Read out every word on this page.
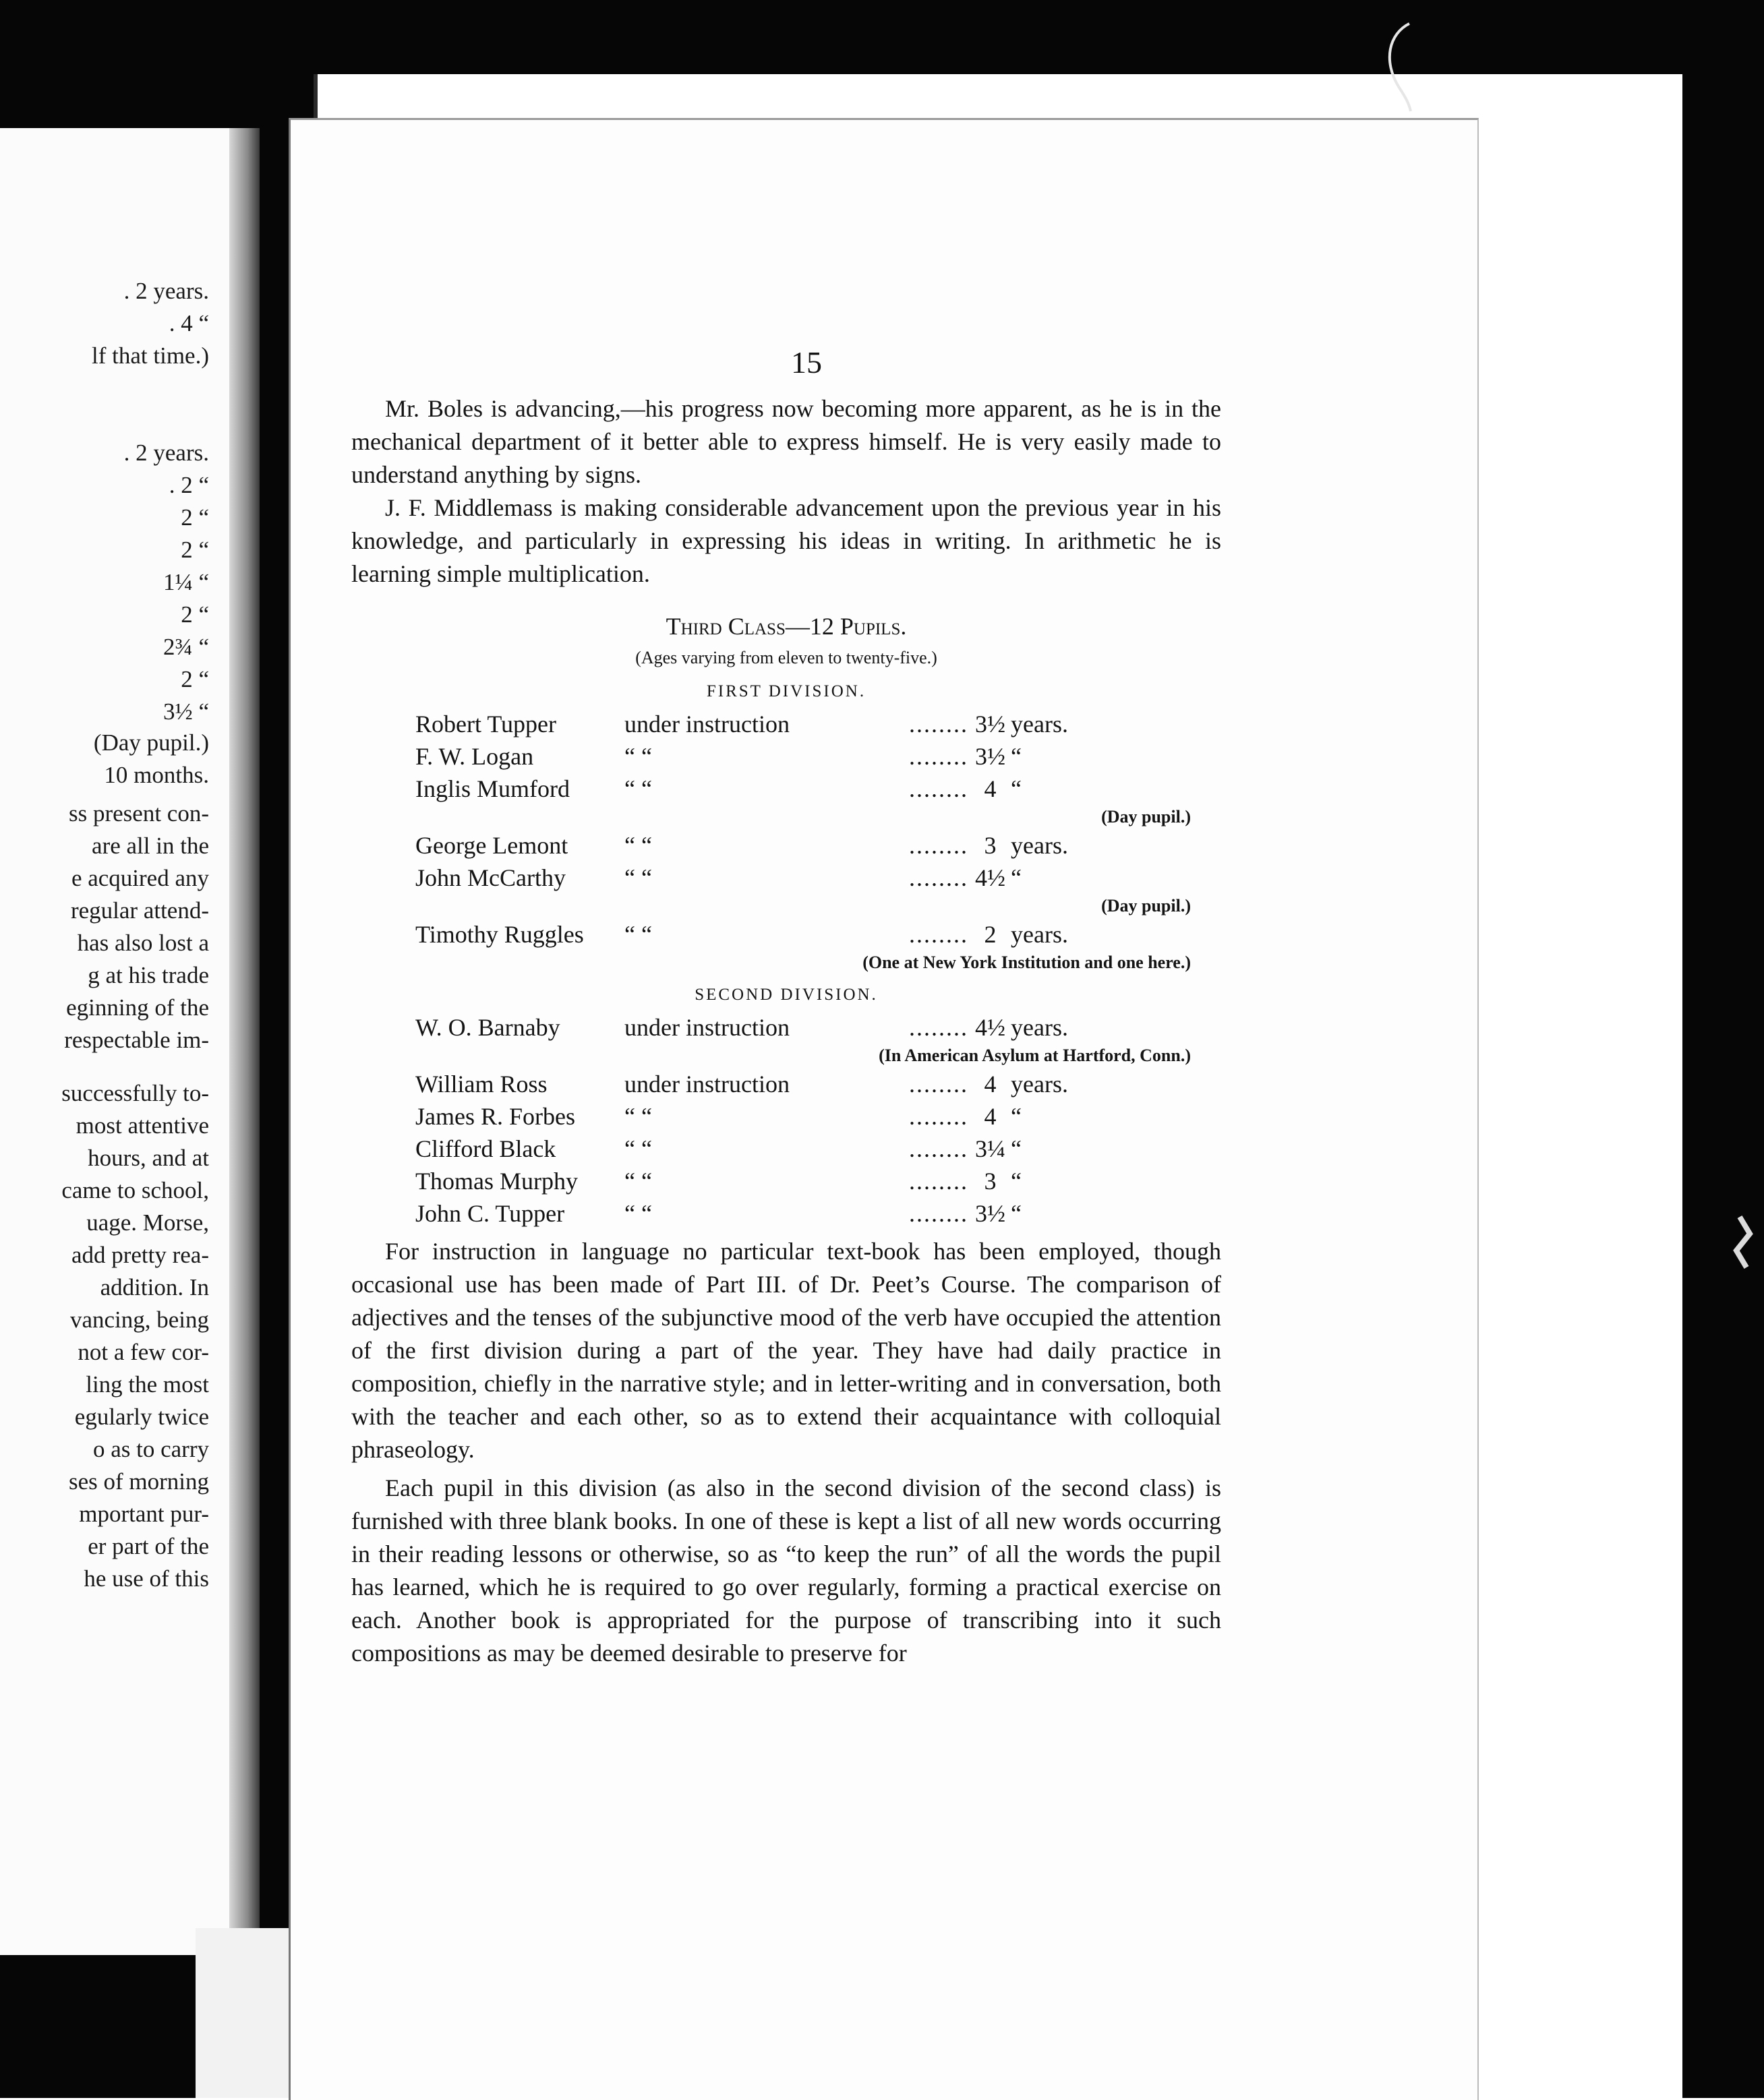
. 2 years.
. 4 “
lf that time.)
. 2 years.
. 2 “
2 “
2 “
1¼ “
2 “
2¾ “
2 “
3½ “
(Day pupil.)
10 months.
ss present con-
are all in the
e acquired any
regular attend-
has also lost a
g at his trade
eginning of the
respectable im-
successfully to-
most attentive
hours, and at
came to school,
uage. Morse,
add pretty rea-
addition. In
vancing, being
not a few cor-
ling the most
egularly twice
o as to carry
ses of morning
mportant pur-
er part of the
he use of this
15

Mr. Boles is advancing,—his progress now becoming more apparent, as he is in the mechanical department of it better able to express himself. He is very easily made to understand anything by signs.

J. F. Middlemass is making considerable advancement upon the previous year in his knowledge, and particularly in expressing his ideas in writing. In arithmetic he is learning simple multiplication.

Third Class—12 Pupils.
(Ages varying from eleven to twenty-five.)
FIRST DIVISION.
Robert Tupper	under instruction	........ 3½ years.
F. W. Logan	“ “	........ 3½ “
Inglis Mumford	“ “	........ 4 “
(Day pupil.)
George Lemont	“ “	........ 3 years.
John McCarthy	“ “	........ 4½ “
(Day pupil.)
Timothy Ruggles	“ “	........ 2 years.
(One at New York Institution and one here.)
SECOND DIVISION.
W. O. Barnaby	under instruction	........ 4½ years.
(In American Asylum at Hartford, Conn.)
William Ross	under instruction	........ 4 years.
James R. Forbes	“ “	........ 4 “
Clifford Black	“ “	........ 3¼ “
Thomas Murphy	“ “	........ 3 “
John C. Tupper	“ “	........ 3½ “

For instruction in language no particular text-book has been employed, though occasional use has been made of Part III. of Dr. Peet’s Course. The comparison of adjectives and the tenses of the subjunctive mood of the verb have occupied the attention of the first division during a part of the year. They have had daily practice in composition, chiefly in the narrative style; and in letter-writing and in conversation, both with the teacher and each other, so as to extend their acquaintance with colloquial phraseology.

Each pupil in this division (as also in the second division of the second class) is furnished with three blank books. In one of these is kept a list of all new words occurring in their reading lessons or otherwise, so as “to keep the run” of all the words the pupil has learned, which he is required to go over regularly, forming a practical exercise on each. Another book is appropriated for the purpose of transcribing into it such compositions as may be deemed desirable to preserve for
